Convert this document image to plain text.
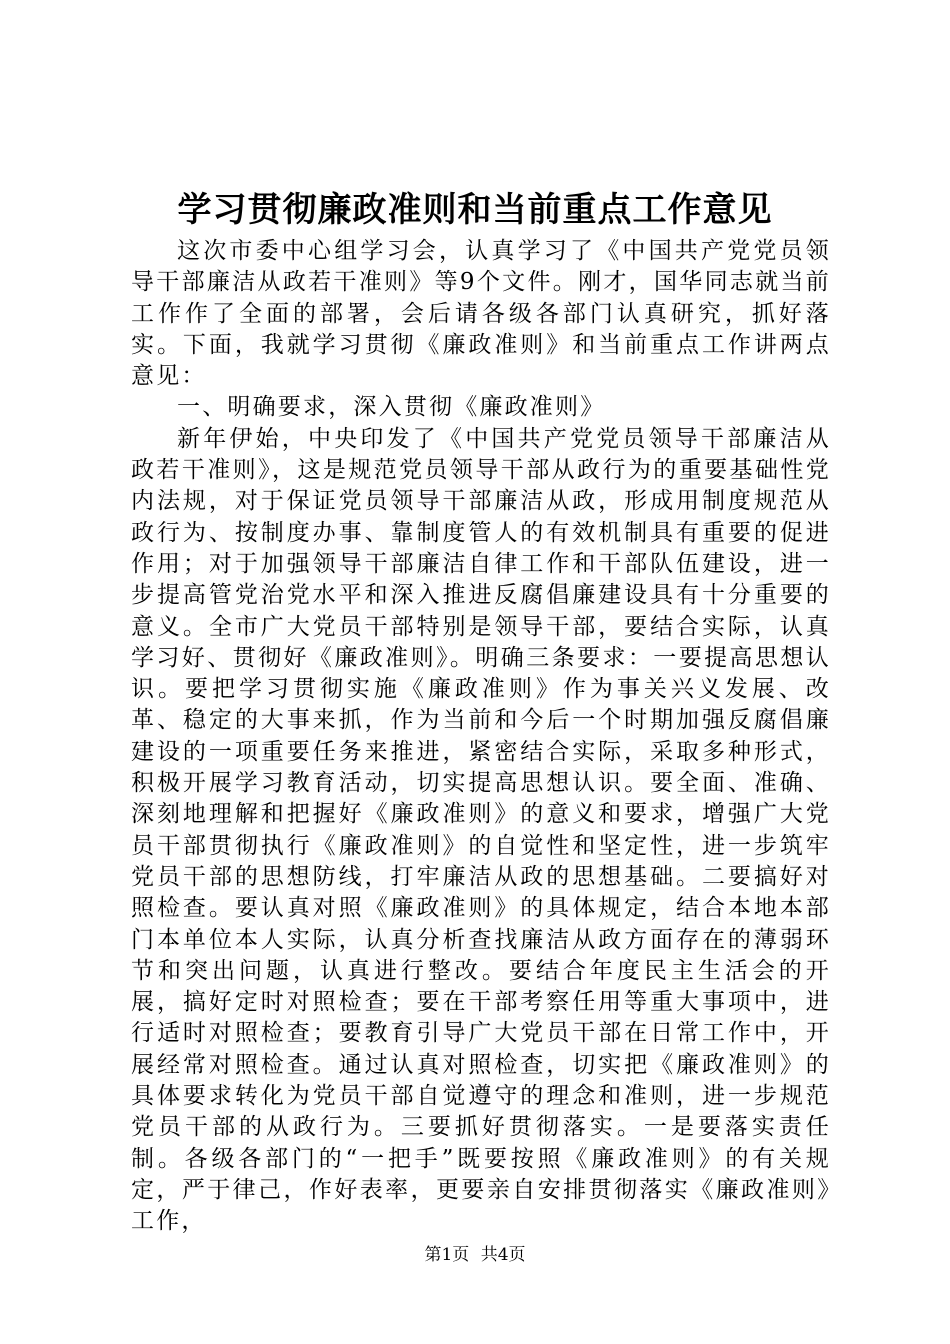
学习贯彻廉政准则和当前重点工作意见

这次市委中心组学习会，认真学习了《中国共产党党员领导干部廉洁从政若干准则》等9个文件。刚才，国华同志就当前工作作了全面的部署，会后请各级各部门认真研究，抓好落实。下面，我就学习贯彻《廉政准则》和当前重点工作讲两点意见：

一、明确要求，深入贯彻《廉政准则》

新年伊始，中央印发了《中国共产党党员领导干部廉洁从政若干准则》，这是规范党员领导干部从政行为的重要基础性党内法规，对于保证党员领导干部廉洁从政，形成用制度规范从政行为、按制度办事、靠制度管人的有效机制具有重要的促进作用；对于加强领导干部廉洁自律工作和干部队伍建设，进一步提高管党治党水平和深入推进反腐倡廉建设具有十分重要的意义。全市广大党员干部特别是领导干部，要结合实际，认真学习好、贯彻好《廉政准则》。明确三条要求：一要提高思想认识。要把学习贯彻实施《廉政准则》作为事关兴义发展、改革、稳定的大事来抓，作为当前和今后一个时期加强反腐倡廉建设的一项重要任务来推进，紧密结合实际，采取多种形式，积极开展学习教育活动，切实提高思想认识。要全面、准确、深刻地理解和把握好《廉政准则》的意义和要求，增强广大党员干部贯彻执行《廉政准则》的自觉性和坚定性，进一步筑牢党员干部的思想防线，打牢廉洁从政的思想基础。二要搞好对照检查。要认真对照《廉政准则》的具体规定，结合本地本部门本单位本人实际，认真分析查找廉洁从政方面存在的薄弱环节和突出问题，认真进行整改。要结合年度民主生活会的开展，搞好定时对照检查；要在干部考察任用等重大事项中，进行适时对照检查；要教育引导广大党员干部在日常工作中，开展经常对照检查。通过认真对照检查，切实把《廉政准则》的具体要求转化为党员干部自觉遵守的理念和准则，进一步规范党员干部的从政行为。三要抓好贯彻落实。一是要落实责任制。各级各部门的“一把手”既要按照《廉政准则》的有关规定，严于律己，作好表率，更要亲自安排贯彻落实《廉政准则》工作，

第1页 共4页
